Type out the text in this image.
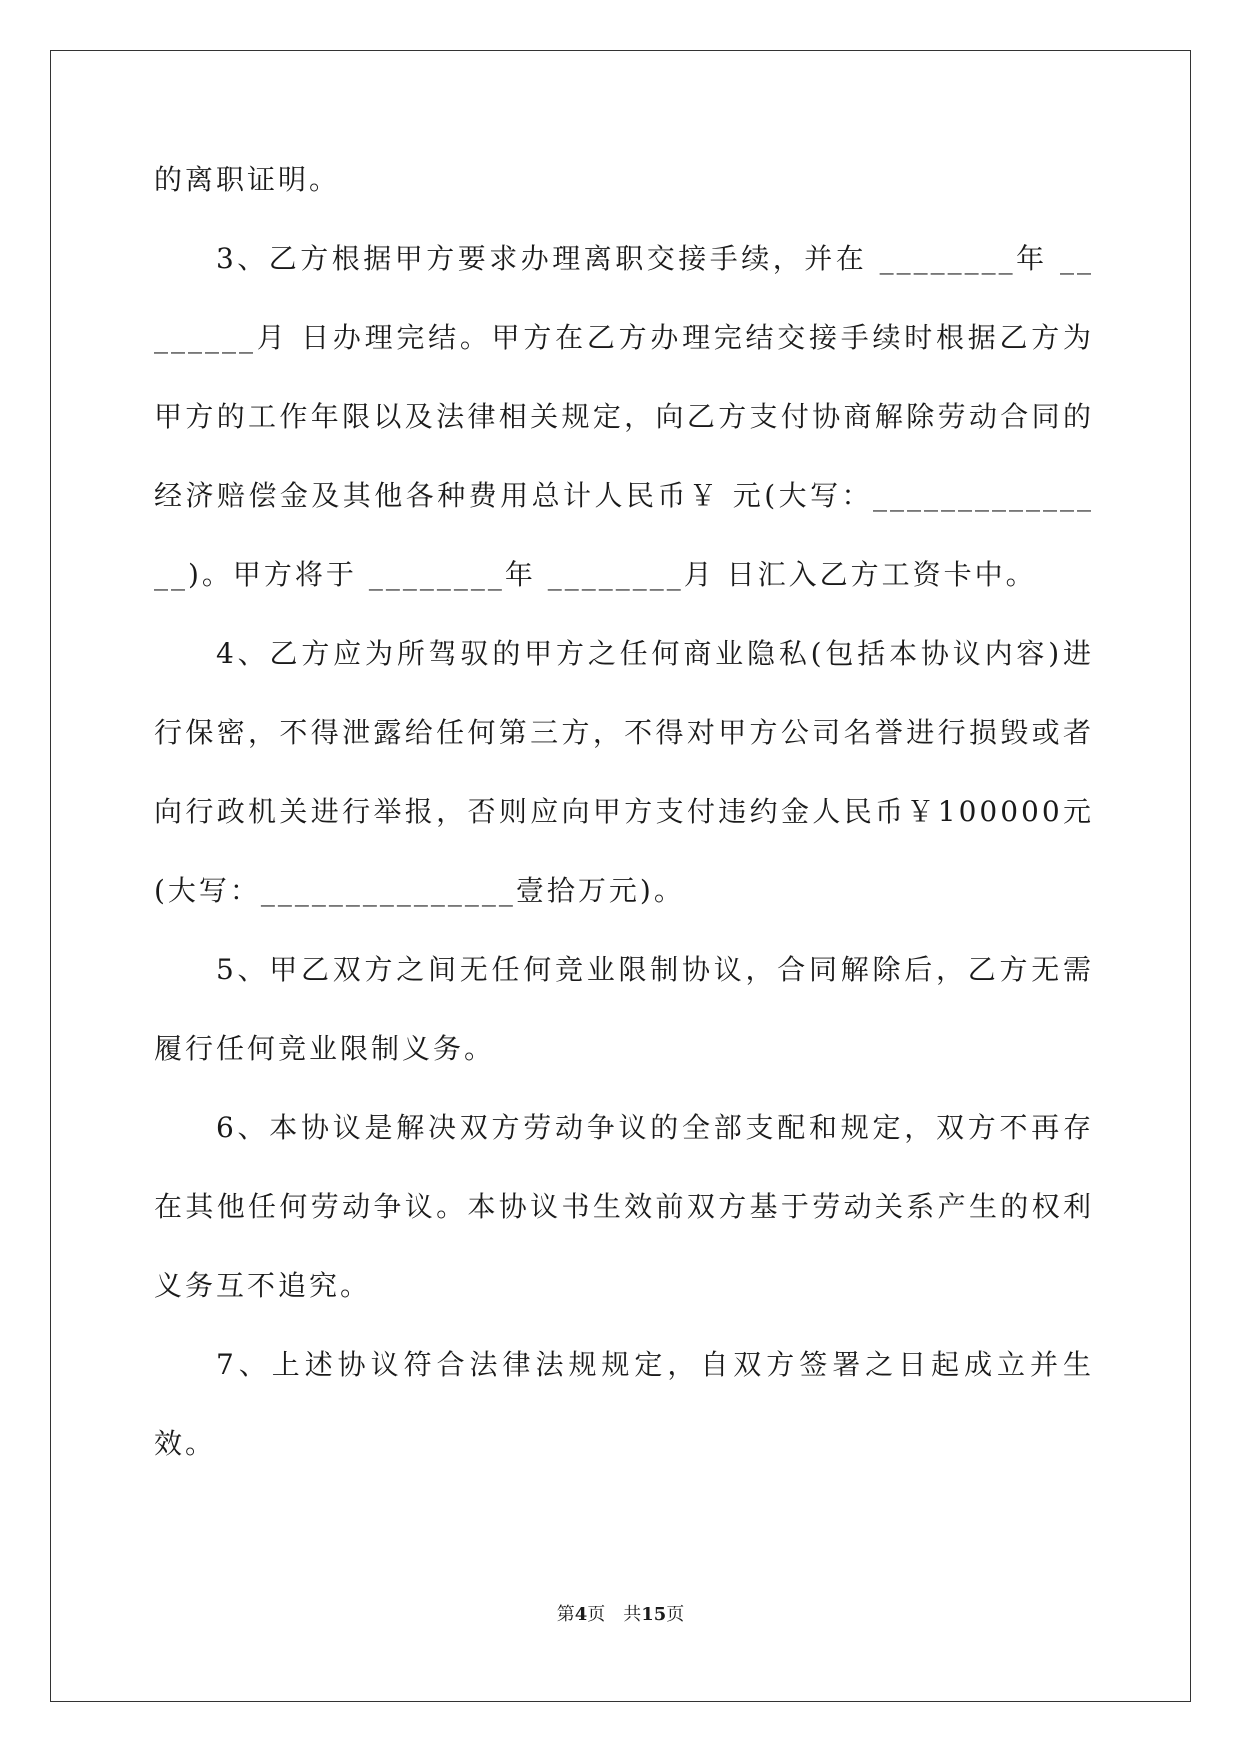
的离职证明。

3、乙方根据甲方要求办理离职交接手续，并在 ________年 ________月 日办理完结。甲方在乙方办理完结交接手续时根据乙方为甲方的工作年限以及法律相关规定，向乙方支付协商解除劳动合同的经济赔偿金及其他各种费用总计人民币￥ 元(大写：_______________)。甲方将于 ________年 ________月 日汇入乙方工资卡中。

4、乙方应为所驾驭的甲方之任何商业隐私(包括本协议内容)进行保密，不得泄露给任何第三方，不得对甲方公司名誉进行损毁或者向行政机关进行举报，否则应向甲方支付违约金人民币￥100000元(大写：_______________壹拾万元)。

5、甲乙双方之间无任何竞业限制协议，合同解除后，乙方无需履行任何竞业限制义务。

6、本协议是解决双方劳动争议的全部支配和规定，双方不再存在其他任何劳动争议。本协议书生效前双方基于劳动关系产生的权利义务互不追究。

7、上述协议符合法律法规规定，自双方签署之日起成立并生效。

第4页　共15页
